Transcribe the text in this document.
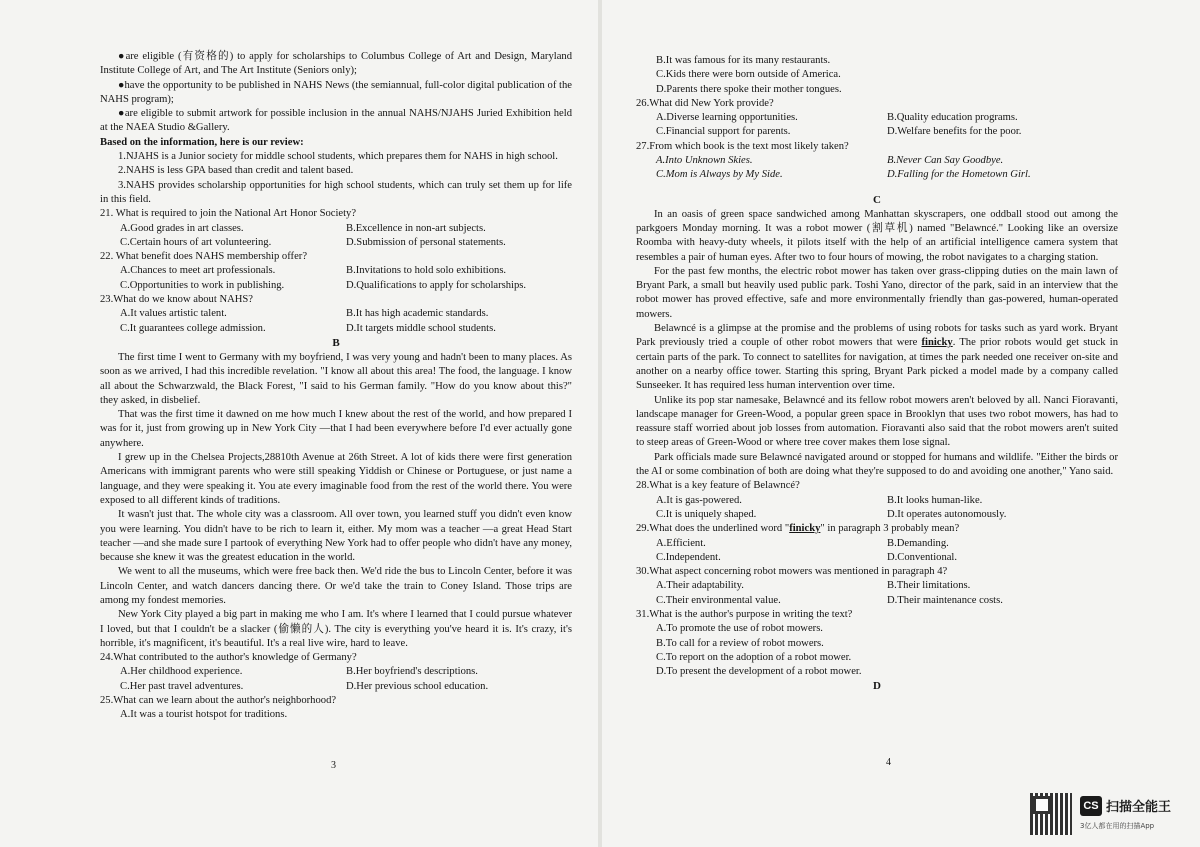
●are eligible (有资格的) to apply for scholarships to Columbus College of Art and Design, Maryland Institute College of Art, and The Art Institute (Seniors only);

●have the opportunity to be published in NAHS News (the semiannual, full-color digital publication of the NAHS program);

●are eligible to submit artwork for possible inclusion in the annual NAHS/NJAHS Juried Exhibition held at the NAEA Studio &Gallery.

Based on the information, here is our review:

1.NJAHS is a Junior society for middle school students, which prepares them for NAHS in high school.

2.NAHS is less GPA based than credit and talent based.

3.NAHS provides scholarship opportunities for high school students, which can truly set them up for life in this field.

21. What is required to join the National Art Honor Society?

A.Good grades in art classes.	B.Excellence in non-art subjects.
C.Certain hours of art volunteering.	D.Submission of personal statements.

22. What benefit does NAHS membership offer?

A.Chances to meet art professionals.	B.Invitations to hold solo exhibitions.
C.Opportunities to work in publishing.	D.Qualifications to apply for scholarships.

23.What do we know about NAHS?

A.It values artistic talent.	B.It has high academic standards.
C.It guarantees college admission.	D.It targets middle school students.

B

The first time I went to Germany with my boyfriend, I was very young and hadn't been to many places. As soon as we arrived, I had this incredible revelation. "I know all about this area! The food, the language. I know all about the Schwarzwald, the Black Forest, "I said to his German family. "How do you know about this?" they asked, in disbelief.

That was the first time it dawned on me how much I knew about the rest of the world, and how prepared I was for it, just from growing up in New York City —that I had been everywhere before I'd ever actually gone anywhere.

I grew up in the Chelsea Projects,28810th Avenue at 26th Street. A lot of kids there were first generation Americans with immigrant parents who were still speaking Yiddish or Chinese or Portuguese, or just name a language, and they were speaking it. You ate every imaginable food from the rest of the world there. You were exposed to all different kinds of traditions.

It wasn't just that. The whole city was a classroom. All over town, you learned stuff you didn't even know you were learning. You didn't have to be rich to learn it, either. My mom was a teacher —a great Head Start teacher —and she made sure I partook of everything New York had to offer people who didn't have any money, because she knew it was the greatest education in the world.

We went to all the museums, which were free back then. We'd ride the bus to Lincoln Center, before it was Lincoln Center, and watch dancers dancing there. Or we'd take the train to Coney Island. Those trips are among my fondest memories.

New York City played a big part in making me who I am. It's where I learned that I could pursue whatever I loved, but that I couldn't be a slacker (偷懒的人). The city is everything you've heard it is. It's crazy, it's horrible, it's magnificent, it's beautiful. It's a real live wire, hard to leave.

24.What contributed to the author's knowledge of Germany?

A.Her childhood experience.	B.Her boyfriend's descriptions.
C.Her past travel adventures.	D.Her previous school education.

25.What can we learn about the author's neighborhood?

A.It was a tourist hotspot for traditions.

3
B.It was famous for its many restaurants.
C.Kids there were born outside of America.
D.Parents there spoke their mother tongues.

26.What did New York provide?

A.Diverse learning opportunities.	B.Quality education programs.
C.Financial support for parents.	D.Welfare benefits for the poor.

27.From which book is the text most likely taken?

A.Into Unknown Skies.	B.Never Can Say Goodbye.
C.Mom is Always by My Side.	D.Falling for the Hometown Girl.

C

In an oasis of green space sandwiched among Manhattan skyscrapers, one oddball stood out among the parkgoers Monday morning. It was a robot mower (割草机) named "Belawncé." Looking like an oversize Roomba with heavy-duty wheels, it pilots itself with the help of an artificial intelligence camera system that resembles a pair of human eyes. After two to four hours of mowing, the robot navigates to a charging station.

For the past few months, the electric robot mower has taken over grass-clipping duties on the main lawn of Bryant Park, a small but heavily used public park. Toshi Yano, director of the park, said in an interview that the robot mower has proved effective, safe and more environmentally friendly than gas-powered, human-operated mowers.

Belawncé is a glimpse at the promise and the problems of using robots for tasks such as yard work. Bryant Park previously tried a couple of other robot mowers that were finicky. The prior robots would get stuck in certain parts of the park. To connect to satellites for navigation, at times the park needed one receiver on-site and another on a nearby office tower. Starting this spring, Bryant Park picked a model made by a company called Sunseeker. It has required less human intervention over time.

Unlike its pop star namesake, Belawncé and its fellow robot mowers aren't beloved by all. Nanci Fioravanti, landscape manager for Green-Wood, a popular green space in Brooklyn that uses two robot mowers, has had to reassure staff worried about job losses from automation. Fioravanti also said that the robot mowers aren't suited to steep areas of Green-Wood or where tree cover makes them lose signal.

Park officials made sure Belawncé navigated around or stopped for humans and wildlife. "Either the birds or the AI or some combination of both are doing what they're supposed to do and avoiding one another," Yano said.

28.What is a key feature of Belawncé?

A.It is gas-powered.	B.It looks human-like.
C.It is uniquely shaped.	D.It operates autonomously.

29.What does the underlined word "finicky" in paragraph 3 probably mean?

A.Efficient.	B.Demanding.
C.Independent.	D.Conventional.

30.What aspect concerning robot mowers was mentioned in paragraph 4?

A.Their adaptability.	B.Their limitations.
C.Their environmental value.	D.Their maintenance costs.

31.What is the author's purpose in writing the text?

A.To promote the use of robot mowers.
B.To call for a review of robot mowers.
C.To report on the adoption of a robot mower.
D.To present the development of a robot mower.

D

4
CS 扫描全能王
3亿人都在用的扫描App
